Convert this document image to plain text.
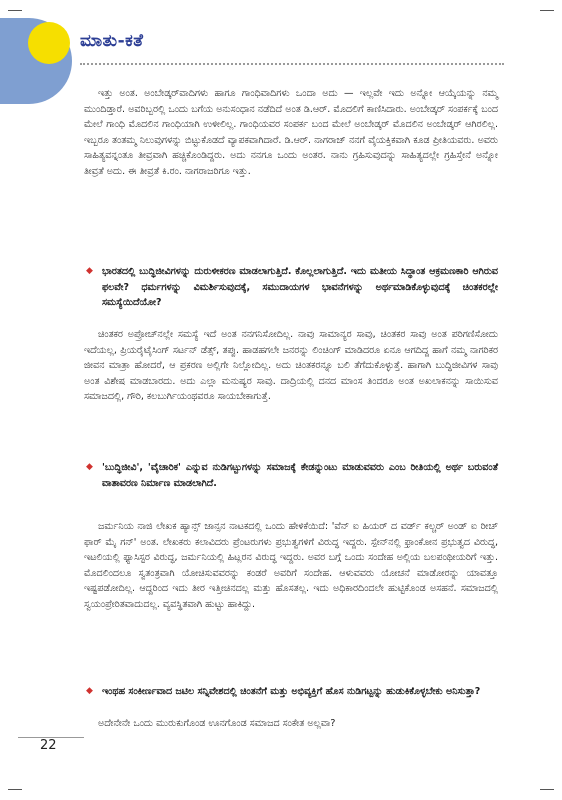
ಮಾತು-ಕತೆ

ಇತ್ತು ಅಂತ. ಅಂಬೇಡ್ಕರ್‌ವಾದಿಗಳು ಹಾಗೂ ಗಾಂಧಿವಾದಿಗಳು ಒಂದಾ ಅದು — ಇಲ್ಲವೇ ಇದು ಅನ್ನೋ ಆಯ್ಕೆಯನ್ನು ನಮ್ಮ ಮುಂದಿಡ್ತಾರೆ. ಅವರಿಬ್ಬರಲ್ಲಿ ಒಂದು ಬಗೆಯ ಅನುಸಂಧಾನ ನಡೆದಿದೆ ಅಂತ ಡಿ.ಆರ್. ಮೊದಲಿಗೆ ಕಾಣಿಸಿದಾರು. ಅಂಬೇಡ್ಕರ್ ಸಂಪರ್ಕಕ್ಕೆ ಬಂದ ಮೇಲೆ ಗಾಂಧಿ ಮೊದಲಿನ ಗಾಂಧಿಯಾಗಿ ಉಳೀಲಿಲ್ಲ. ಗಾಂಧಿಯವರ ಸಂಪರ್ಕ ಬಂದ ಮೇಲೆ ಅಂಬೇಡ್ಕರ್ ಮೊದಲಿನ ಅಂಬೇಡ್ಕರ್ ಆಗಿರಲಿಲ್ಲ. ಇಬ್ಬರೂ ತಂತಮ್ಮ ನಿಲುವುಗಳನ್ನು ಬಿಟ್ಟುಕೊಡದೆ ವ್ಯಾಪಕವಾಗಿದಾರೆ. ಡಿ.ಆರ್. ನಾಗರಾಜ್ ನನಗೆ ವೈಯಕ್ತಿಕವಾಗಿ ಕೂಡ ಪ್ರೀತಿಯವರು. ಅವರು ಸಾಹಿತ್ಯವನ್ನಂತೂ ತೀವ್ರವಾಗಿ ಹಚ್ಚಿಕೊಂಡಿದ್ದರು. ಅದು ನನಗೂ ಒಂದು ಅಂತರ. ನಾನು ಗ್ರಹಿಸುವುದನ್ನು ಸಾಹಿತ್ಯದಲ್ಲೇ ಗ್ರಹಿಸ್ತೇನೆ ಅನ್ನೋ ತೀವ್ರತೆ ಅದು. ಈ ತೀವ್ರತೆ ಕಿ.ರಂ. ನಾಗರಾಜರಿಗೂ ಇತ್ತು.

◆ ಭಾರತದಲ್ಲಿ ಬುದ್ಧಿಜೀವಿಗಳನ್ನು ದುರುಳೀಕರಣ ಮಾಡಲಾಗುತ್ತಿದೆ. ಕೊಲ್ಲಲಾಗುತ್ತಿದೆ. ಇದು ಮತೀಯ ಸಿದ್ಧಾಂತ ಆಕ್ರಮಣಕಾರಿ ಆಗಿರುವ ಫಲವೇ? ಧರ್ಮಗಳನ್ನು ವಿಮರ್ಶಿಸುವುದಕ್ಕೆ, ಸಮುದಾಯಗಳ ಭಾವನೆಗಳನ್ನು ಅರ್ಥಮಾಡಿಕೊಳ್ಳುವುದಕ್ಕೆ ಚಿಂತಕರಲ್ಲೇ ಸಮಸ್ಯೆಯಿದೆಯೋ?

ಚಿಂತಕರ ಅಪ್ರೋಚ್‌ನಲ್ಲೇ ಸಮಸ್ಯೆ ಇದೆ ಅಂತ ನನಗನಿಸೋದಿಲ್ಲ. ನಾವು ಸಾಮಾನ್ಯರ ಸಾವು, ಚಿಂತಕರ ಸಾವು ಅಂತ ಪರಿಗಣಿಸೋದು ಇದೆಯಲ್ಲ, ಪ್ರಿಯರೈಟೈಸಿಂಗ್ ಸರ್ಟನ್ ಡೆತ್ಸ್, ತಪ್ಪು. ಹಾಡಹಗಲೇ ಜನರನ್ನು ಲಿಂಚಿಂಗ್ ಮಾಡಿದರೂ ಏನೂ ಆಗದಿದ್ದ ಹಾಗೆ ನಮ್ಮ ನಾಗರಿಕರ ಜೀವನ ಮಾತ್ರಾ ಹೋದರೆ, ಆ ಪ್ರಕರಣ ಅಲ್ಲಿಗೇ ನಿಲ್ಲೋದಿಲ್ಲ. ಅದು ಚಿಂತಕರನ್ನೂ ಬಲಿ ತೆಗೆದುಕೊಳ್ಳುತ್ತೆ. ಹಾಗಾಗಿ ಬುದ್ಧಿಜೀವಿಗಳ ಸಾವು ಅಂತ ವಿಶೇಷ ಮಾಡಬಾರದು. ಅದು ಎಲ್ಲಾ ಮನುಷ್ಯರ ಸಾವು. ದಾದ್ರಿಯಲ್ಲಿ ದನದ ಮಾಂಸ ತಿಂದರೂ ಅಂತ ಅಖಲಾಕನನ್ನು ಸಾಯಿಸುವ ಸಮಾಜದಲ್ಲಿ, ಗೌರಿ, ಕಲಬುರ್ಗಿಯಂಥವರೂ ಸಾಯಬೇಕಾಗುತ್ತೆ.

◆ 'ಬುದ್ಧಿಜೀವಿ', 'ವೈಚಾರಿಕ' ಎನ್ನುವ ನುಡಿಗಟ್ಟುಗಳನ್ನು ಸಮಾಜಕ್ಕೆ ಕೇಡನ್ನುಂಟು ಮಾಡುವವರು ಎಂಬ ರೀತಿಯಲ್ಲಿ ಅರ್ಥ ಬರುವಂತೆ ವಾತಾವರಣ ನಿರ್ಮಾಣ ಮಾಡಲಾಗಿದೆ.

ಜರ್ಮನಿಯ ನಾಜಿ ಲೇಖಕ ಹ್ಯಾನ್ಸ್ ಜಾನ್ಸನ ನಾಟಕದಲ್ಲಿ ಒಂದು ಹೇಳಿಕೆಯಿದೆ: 'ವೆನ್ ಐ ಹಿಯರ್ ದ ವರ್ಡ್ ಕಲ್ಚರ್ ಅಂಡ್ ಐ ರೀಚ್ ಫಾರ್ ಮೈ ಗನ್' ಅಂತ. ಲೇಖಕರು ಕಲಾವಿದರು ಪ್ರೆಂಟರುಗಳು ಪ್ರಭುತ್ವಗಳಿಗೆ ವಿರುದ್ಧ ಇದ್ದರು. ಸ್ಪೇನ್‌ನಲ್ಲಿ ಫ್ರಾಂಕೋನ ಪ್ರಭುತ್ವದ ವಿರುದ್ಧ, ಇಟಲಿಯಲ್ಲಿ ಫ್ಯಾಸಿಸ್ಟರ ವಿರುದ್ಧ, ಜರ್ಮನಿಯಲ್ಲಿ ಹಿಟ್ಲರನ ವಿರುದ್ಧ ಇದ್ದರು. ಅವರ ಬಗ್ಗೆ ಒಂದು ಸಂದೇಹ ಅಲ್ಲಿಯ ಬಲಪಂಥೀಯರಿಗೆ ಇತ್ತು. ಮೊದಲಿಂದಲೂ ಸ್ವತಂತ್ರವಾಗಿ ಯೋಚಿಸುವವರನ್ನು ಕಂಡರೆ ಅವರಿಗೆ ಸಂದೇಹ. ಆಳುವವರು ಯೋಚನೆ ಮಾಡೋರನ್ನು ಯಾವತ್ತೂ ಇಷ್ಟಪಡೋದಿಲ್ಲ. ಆದ್ದರಿಂದ ಇದು ತೀರ ಇತ್ತೀಚಿನದಲ್ಲ ಮತ್ತು ಹೊಸತಲ್ಲ. ಇದು ಅಧಿಕಾರದಿಂದಲೇ ಹುಟ್ಟಿಕೊಂಡ ಅಸಹನೆ. ಸಮಾಜದಲ್ಲಿ ಸ್ವಯಂಪ್ರೇರಿತವಾದುದಲ್ಲ. ವ್ಯವಸ್ಥಿತವಾಗಿ ಹುಟ್ಟು ಹಾಕಿದ್ದು.

◆ ಇಂಥಹ ಸಂಕೀರ್ಣವಾದ ಜಟಿಲ ಸನ್ನಿವೇಶದಲ್ಲಿ ಚಿಂತನೆಗೆ ಮತ್ತು ಅಭಿವ್ಯಕ್ತಿಗೆ ಹೊಸ ನುಡಿಗಟ್ಟನ್ನು ಹುಡುಕಿಕೊಳ್ಳಬೇಕು ಅನಿಸುತ್ತಾ?

ಅದೇನೇನೇ ಒಂದು ಮುರುಕುಗೊಂಡ ಊನಗೊಂಡ ಸಮಾಜದ ಸಂಕೇತ ಅಲ್ಲವಾ?

22
